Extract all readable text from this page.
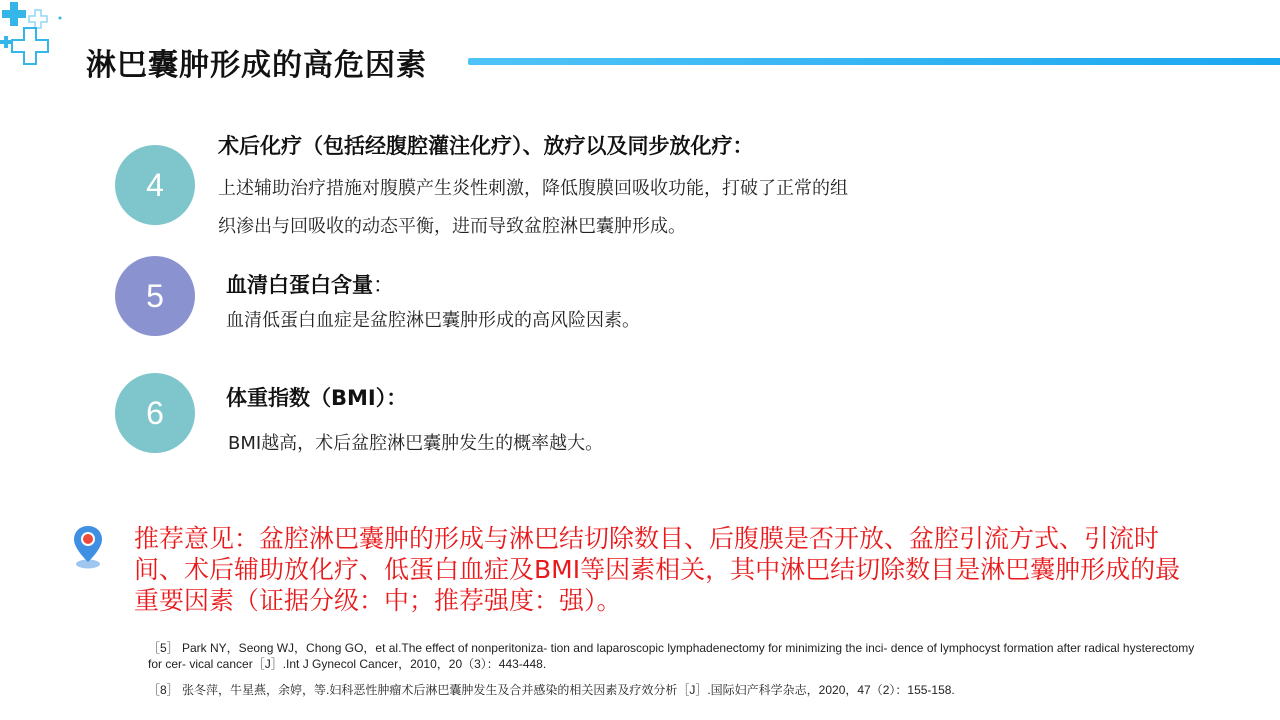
淋巴囊肿形成的高危因素
4
术后化疗（包括经腹腔灌注化疗）、放疗以及同步放化疗：
上述辅助治疗措施对腹膜产生炎性刺激，降低腹膜回吸收功能，打破了正常的组
织渗出与回吸收的动态平衡，进而导致盆腔淋巴囊肿形成。
5	血清白蛋白含量：
血清低蛋白血症是盆腔淋巴囊肿形成的高风险因素。
6	体重指数（BMI）：
BMI越高，术后盆腔淋巴囊肿发生的概率越大。
推荐意见：盆腔淋巴囊肿的形成与淋巴结切除数目、后腹膜是否开放、盆腔引流方式、引流时间、术后辅助放化疗、低蛋白血症及BMI等因素相关，其中淋巴结切除数目是淋巴囊肿形成的最重要因素（证据分级：中；推荐强度：强）。
［5］ Park NY，Seong WJ，Chong GO，et al.The effect of nonperitoniza- tion and laparoscopic lymphadenectomy for minimizing the inci- dence of lymphocyst formation after radical hysterectomy for cer- vical cancer［J］.Int J Gynecol Cancer，2010，20（3）：443-448.
［8］ 张冬萍，牛星燕，余婷，等.妇科恶性肿瘤术后淋巴囊肿发生及合并感染的相关因素及疗效分析［J］.国际妇产科学杂志，2020，47（2）：155-158.
